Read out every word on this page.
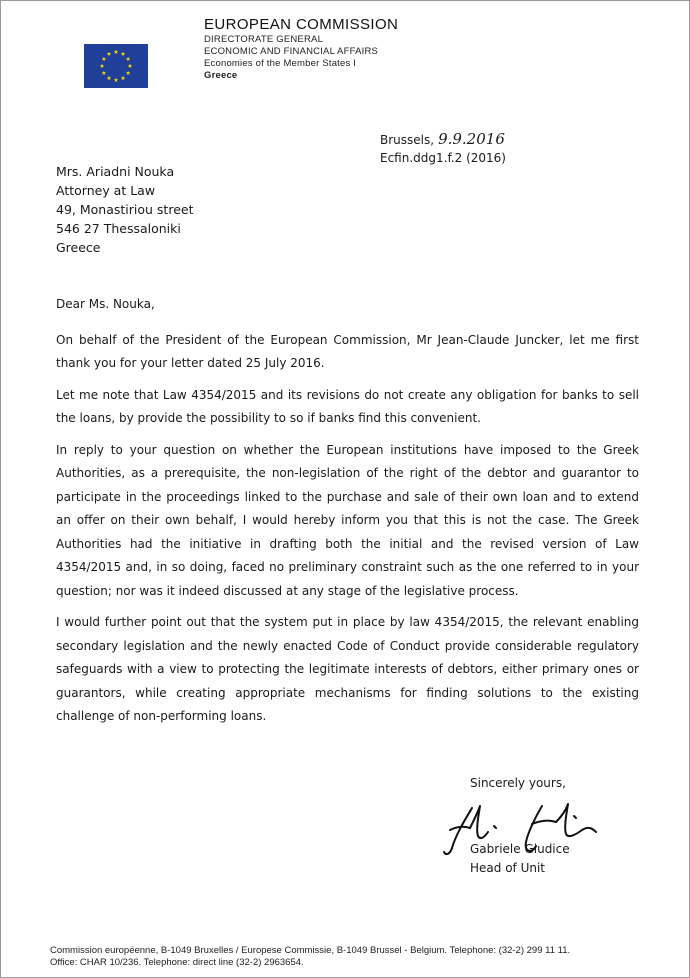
EUROPEAN COMMISSION
DIRECTORATE GENERAL
ECONOMIC AND FINANCIAL AFFAIRS
Economies of the Member States I
Greece
Brussels, 9.9.2016
Ecfin.ddg1.f.2 (2016)
Mrs. Ariadni Nouka
Attorney at Law
49, Monastiriou street
546 27 Thessaloniki
Greece

Dear Ms. Nouka,

On behalf of the President of the European Commission, Mr Jean-Claude Juncker, let me first thank you for your letter dated 25 July 2016.

Let me note that Law 4354/2015 and its revisions do not create any obligation for banks to sell the loans, by provide the possibility to so if banks find this convenient.

In reply to your question on whether the European institutions have imposed to the Greek Authorities, as a prerequisite, the non-legislation of the right of the debtor and guarantor to participate in the proceedings linked to the purchase and sale of their own loan and to extend an offer on their own behalf, I would hereby inform you that this is not the case. The Greek Authorities had the initiative in drafting both the initial and the revised version of Law 4354/2015 and, in so doing, faced no preliminary constraint such as the one referred to in your question; nor was it indeed discussed at any stage of the legislative process.

I would further point out that the system put in place by law 4354/2015, the relevant enabling secondary legislation and the newly enacted Code of Conduct provide considerable regulatory safeguards with a view to protecting the legitimate interests of debtors, either primary ones or guarantors, while creating appropriate mechanisms for finding solutions to the existing challenge of non-performing loans.

Sincerely yours,
Gabriele Giudice
Head of Unit
Commission européenne, B-1049 Bruxelles / Europese Commissie, B-1049 Brussel - Belgium. Telephone: (32-2) 299 11 11.
Office: CHAR 10/236. Telephone: direct line (32-2) 2963654.
